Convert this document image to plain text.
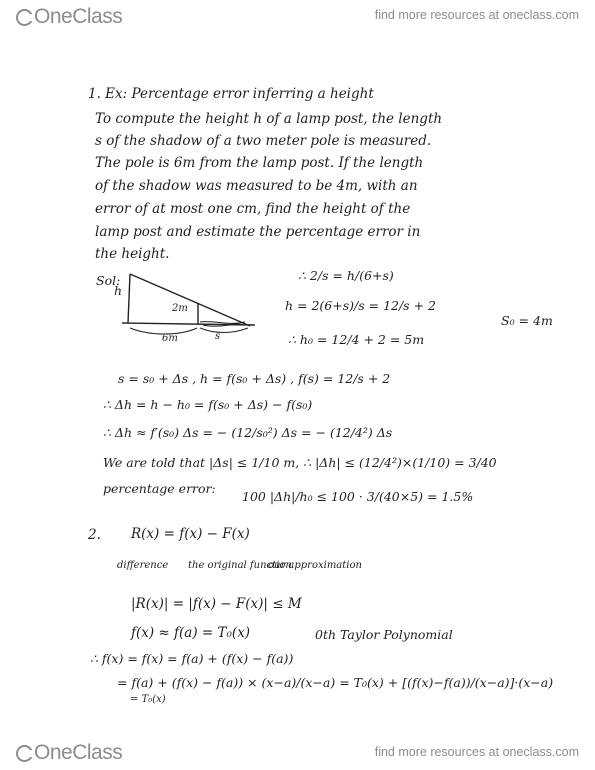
OneClass	find more resources at oneclass.com
1. Ex: Percentage error inferring a height
To compute the height h of a lamp post, the length
s of the shadow of a two meter pole is measured.
The pole is 6m from the lamp post. If the length
of the shadow was measured to be 4m, with an
error of at most one cm, find the height of the
lamp post and estimate the percentage error in
the height.
Sol:
h
2m
6m	s
∴ 2/s = h/(6+s)
h = 2(6+s)/s = 12/s + 2
S₀ = 4m
∴ h₀ = 12/4 + 2 = 5m
s = s₀ + Δs , h = f(s₀ + Δs) , f(s) = 12/s + 2
∴ Δh = h − h₀ = f(s₀ + Δs) − f(s₀)
∴ Δh ≈ f′(s₀) Δs = − (12/s₀²) Δs = − (12/4²) Δs
We are told that |Δs| ≤ 1/10 m, ∴ |Δh| ≤ (12/4²)×(1/10) = 3/40
percentage error:
100 |Δh|/h₀ ≤ 100 · 3/(40×5) = 1.5%
2. R(x) = f(x) − F(x)
difference the original function
our approximation
|R(x)| = |f(x) − F(x)| ≤ M
f(x) ≈ f(a) = T₀(x)	0th Taylor Polynomial
∴ f(x) = f(x) = f(a) + (f(x) − f(a))
= f(a) + (f(x) − f(a)) × (x−a)/(x−a) = T₀(x) + [(f(x)−f(a))/(x−a)]·(x−a)
= T₀(x)
OneClass	find more resources at oneclass.com
